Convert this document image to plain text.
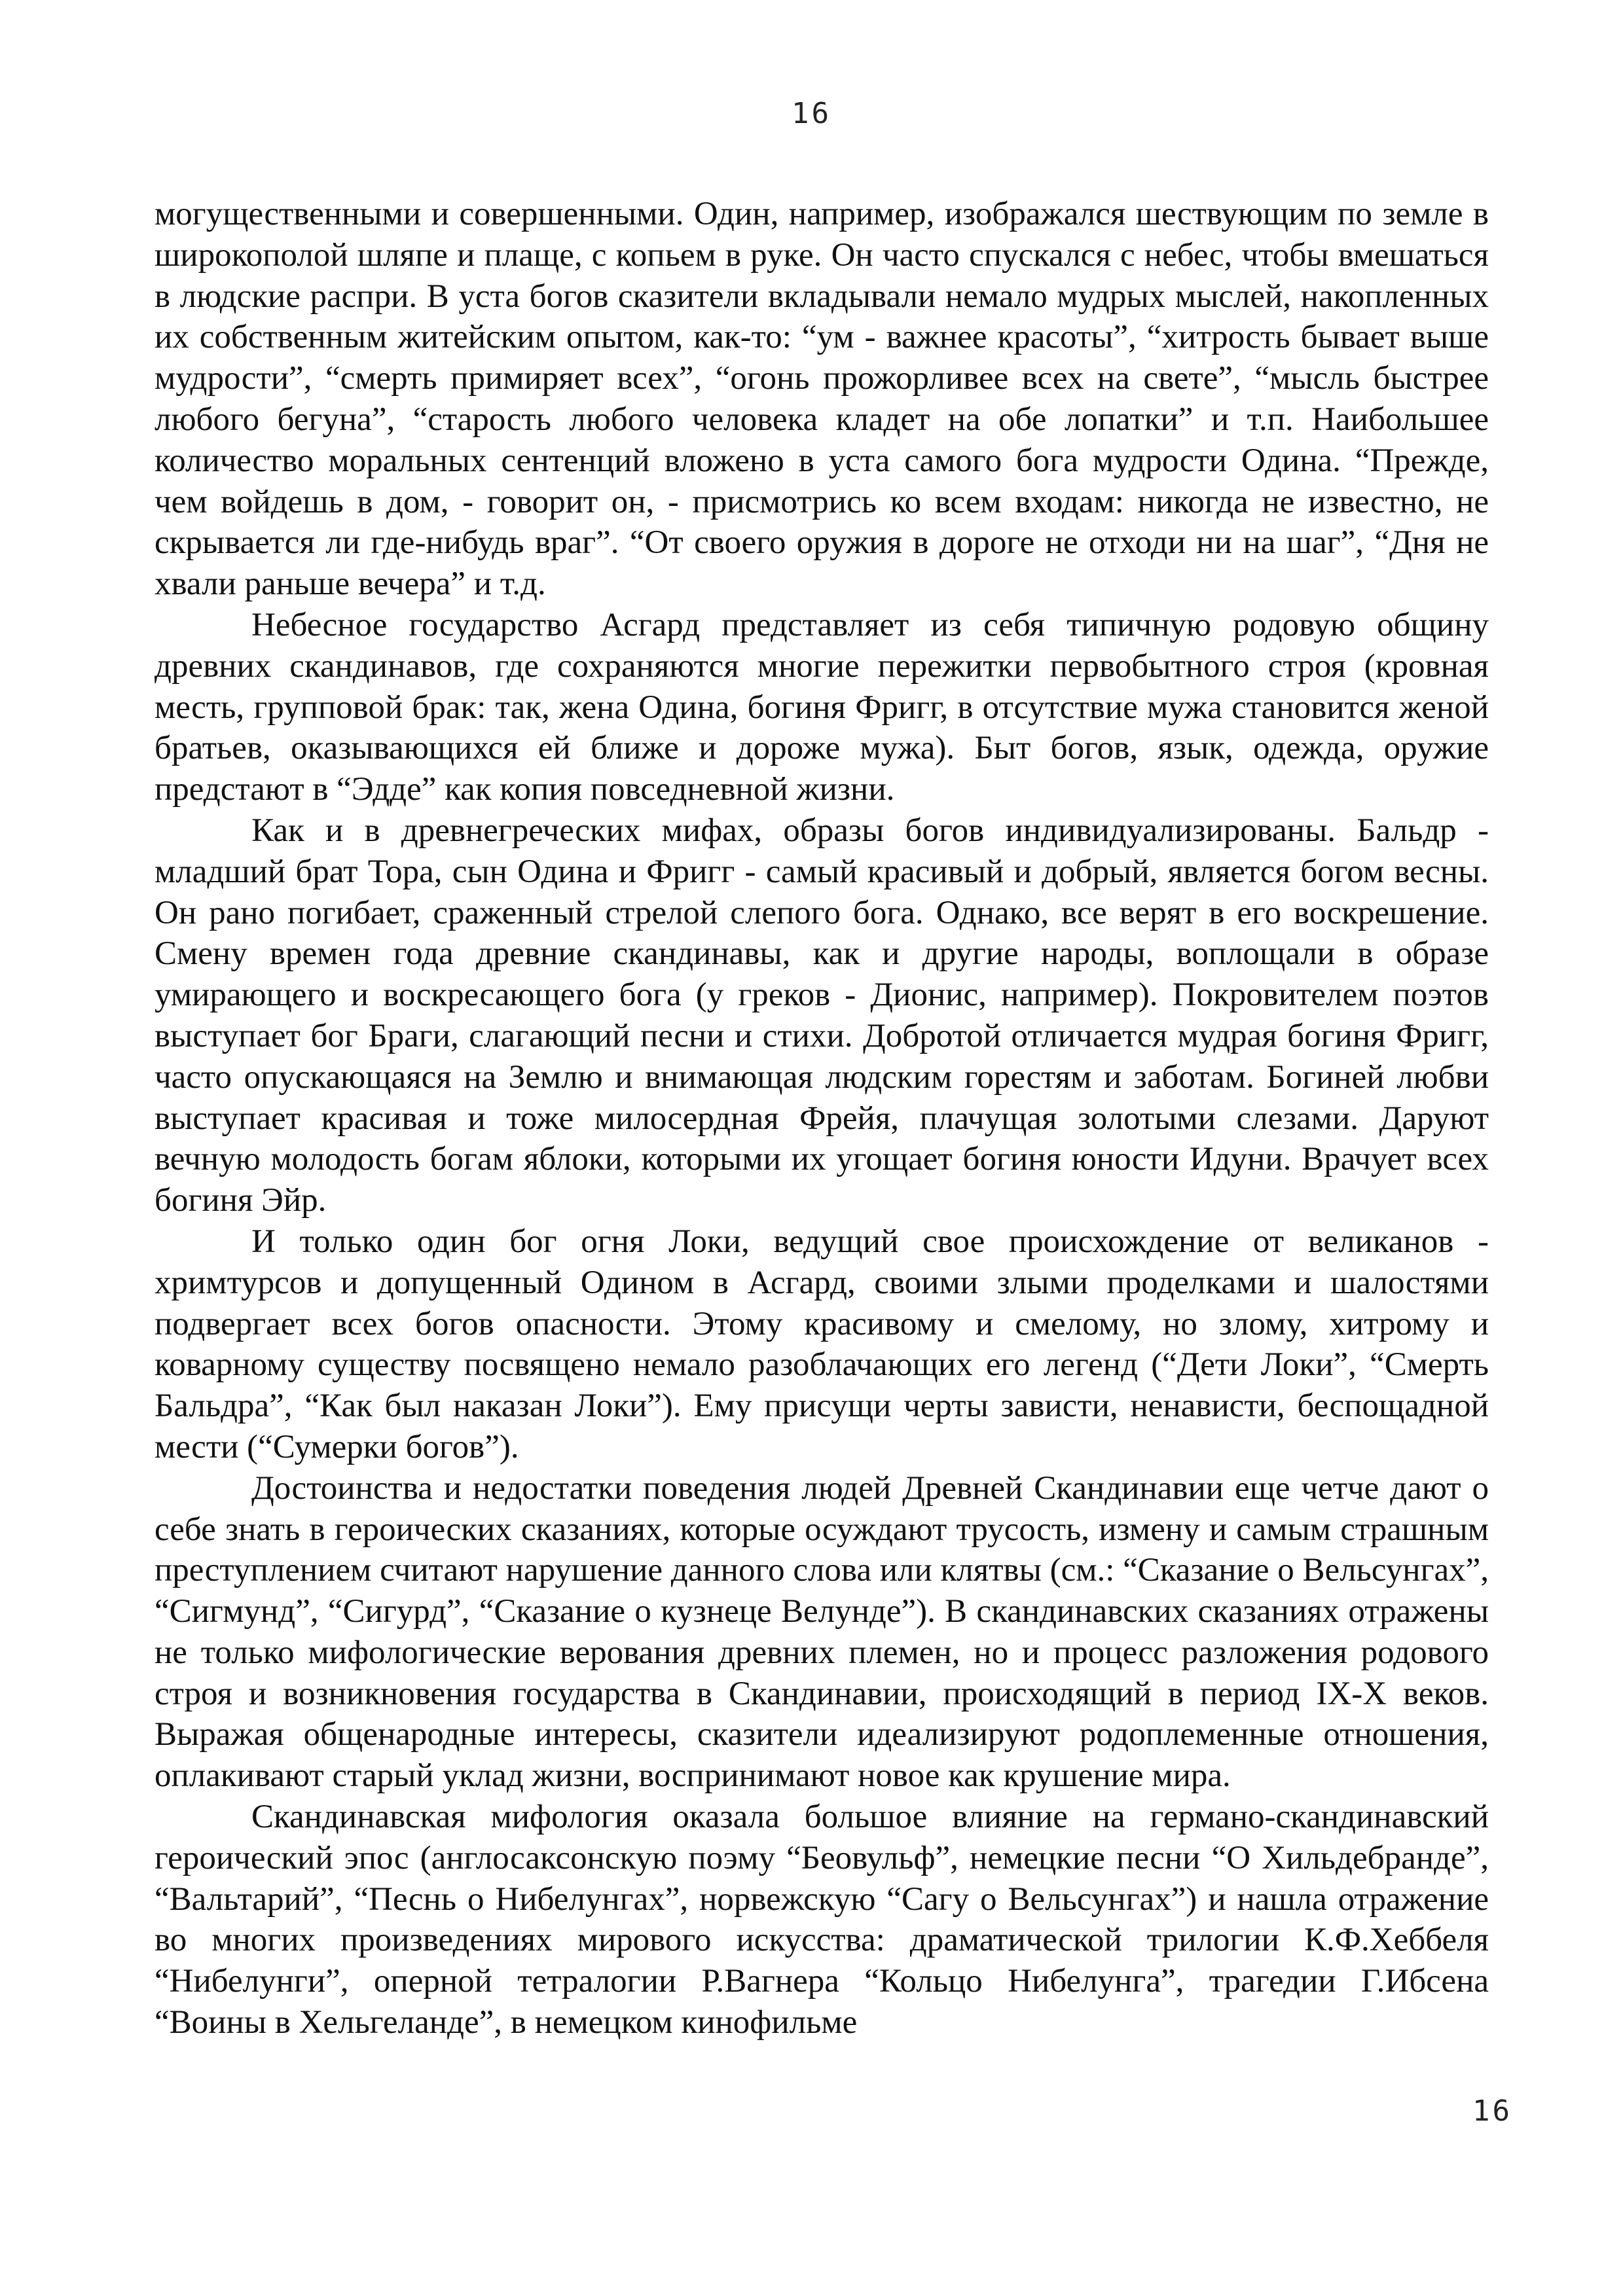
16

могущественными и совершенными. Один, например, изображался шествующим по земле в широкополой шляпе и плаще, с копьем в руке. Он часто спускался с небес, чтобы вмешаться в людские распри. В уста богов сказители вкладывали немало мудрых мыслей, накопленных их собственным житейским опытом, как-то: “ум - важнее красоты”, “хитрость бывает выше мудрости”, “смерть примиряет всех”, “огонь прожорливее всех на свете”, “мысль быстрее любого бегуна”, “старость любого человека кладет на обе лопатки” и т.п. Наибольшее количество моральных сентенций вложено в уста самого бога мудрости Одина. “Прежде, чем войдешь в дом, - говорит он, - присмотрись ко всем входам: никогда не известно, не скрывается ли где-нибудь враг”. “От своего оружия в дороге не отходи ни на шаг”, “Дня не хвали раньше вечера” и т.д.

Небесное государство Асгард представляет из себя типичную родовую общину древних скандинавов, где сохраняются многие пережитки первобытного строя (кровная месть, групповой брак: так, жена Одина, богиня Фригг, в отсутствие мужа становится женой братьев, оказывающихся ей ближе и дороже мужа). Быт богов, язык, одежда, оружие предстают в “Эдде” как копия повседневной жизни.

Как и в древнегреческих мифах, образы богов индивидуализированы. Бальдр - младший брат Тора, сын Одина и Фригг - самый красивый и добрый, является богом весны. Он рано погибает, сраженный стрелой слепого бога. Однако, все верят в его воскрешение. Смену времен года древние скандинавы, как и другие народы, воплощали в образе умирающего и воскресающего бога (у греков - Дионис, например). Покровителем поэтов выступает бог Браги, слагающий песни и стихи. Добротой отличается мудрая богиня Фригг, часто опускающаяся на Землю и внимающая людским горестям и заботам. Богиней любви выступает красивая и тоже милосердная Фрейя, плачущая золотыми слезами. Даруют вечную молодость богам яблоки, которыми их угощает богиня юности Идуни. Врачует всех богиня Эйр.

И только один бог огня Локи, ведущий свое происхождение от великанов - хримтурсов и допущенный Одином в Асгард, своими злыми проделками и шалостями подвергает всех богов опасности. Этому красивому и смелому, но злому, хитрому и коварному существу посвящено немало разоблачающих его легенд (“Дети Локи”, “Смерть Бальдра”, “Как был наказан Локи”). Ему присущи черты зависти, ненависти, беспощадной мести (“Сумерки богов”).

Достоинства и недостатки поведения людей Древней Скандинавии еще четче дают о себе знать в героических сказаниях, которые осуждают трусость, измену и самым страшным преступлением считают нарушение данного слова или клятвы (см.: “Сказание о Вельсунгах”, “Сигмунд”, “Сигурд”, “Сказание о кузнеце Велунде”). В скандинавских сказаниях отражены не только мифологические верования древних племен, но и процесс разложения родового строя и возникновения государства в Скандинавии, происходящий в период IX-X веков. Выражая общенародные интересы, сказители идеализируют родоплеменные отношения, оплакивают старый уклад жизни, воспринимают новое как крушение мира.

Скандинавская мифология оказала большое влияние на германо-скандинавский героический эпос (англосаксонскую поэму “Беовульф”, немецкие песни “О Хильдебранде”, “Вальтарий”, “Песнь о Нибелунгах”, норвежскую “Сагу о Вельсунгах”) и нашла отражение во многих произведениях мирового искусства: драматической трилогии К.Ф.Хеббеля “Нибелунги”, оперной тетралогии Р.Вагнера “Кольцо Нибелунга”, трагедии Г.Ибсена “Воины в Хельгеланде”, в немецком кинофильме

16
